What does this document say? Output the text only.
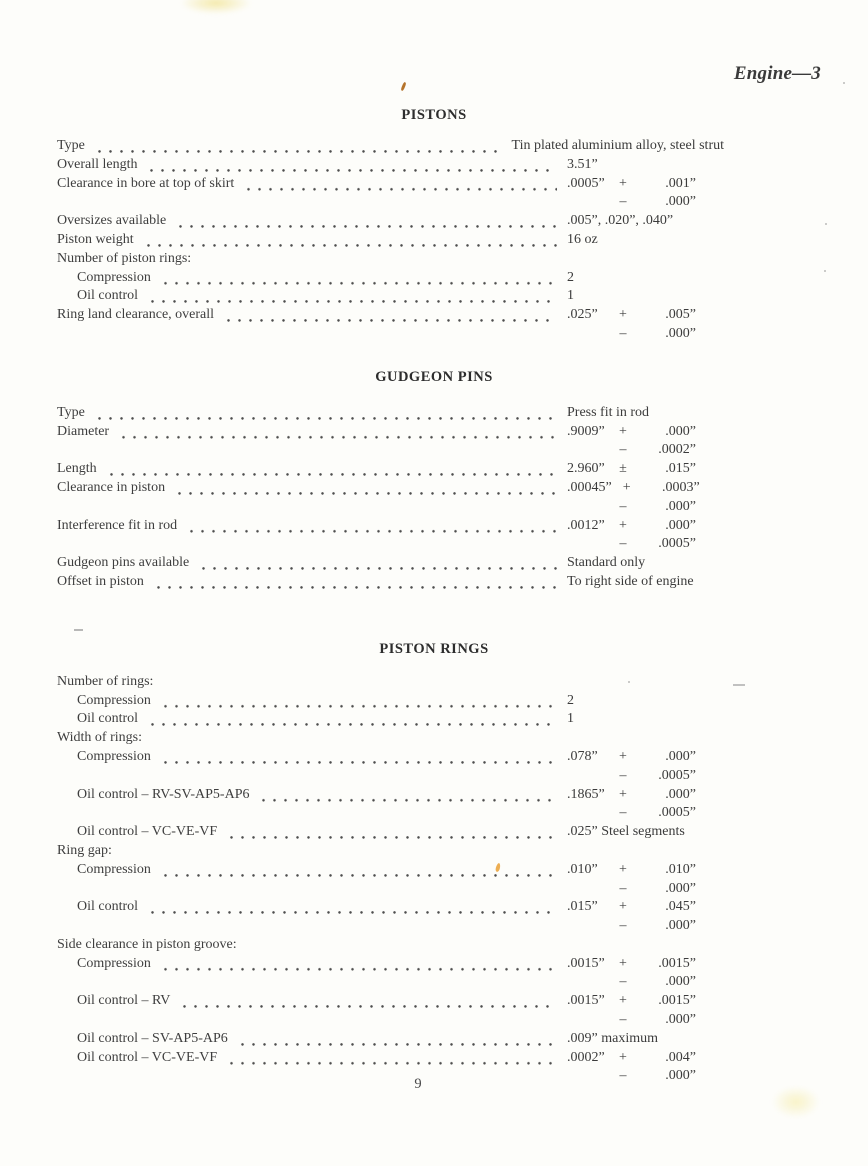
Engine—3
PISTONS
Type	Tin plated aluminium alloy, steel strut
Overall length	3.51”
Clearance in bore at top of skirt	.0005”	+	.001”
–	.000”
Oversizes available	.005”, .020”, .040”
Piston weight	16 oz
Number of piston rings:
Compression	2
Oil control	1
Ring land clearance, overall	.025”	+	.005”
–	.000”
GUDGEON PINS
Type	Press fit in rod
Diameter	.9009”	+	.000”
–	.0002”
Length	2.960”	±	.015”
Clearance in piston	.00045” +	.0003”
–	.000”
Interference fit in rod	.0012”	+	.000”
–	.0005”
Gudgeon pins available	Standard only
Offset in piston	To right side of engine
PISTON RINGS
Number of rings:
Compression	2
Oil control	1
Width of rings:
Compression	.078”	+	.000”
–	.0005”
Oil control – RV-SV-AP5-AP6	.1865”	+	.000”
–	.0005”
Oil control – VC-VE-VF	.025” Steel segments
Ring gap:
Compression	.010”	+	.010”
–	.000”
Oil control	.015”	+	.045”
–	.000”
Side clearance in piston groove:
Compression	.0015”	+	.0015”
–	.000”
Oil control – RV	.0015”	+	.0015”
–	.000”
Oil control – SV-AP5-AP6	.009” maximum
Oil control – VC-VE-VF	.0002”	+	.004”
–	.000”
9
